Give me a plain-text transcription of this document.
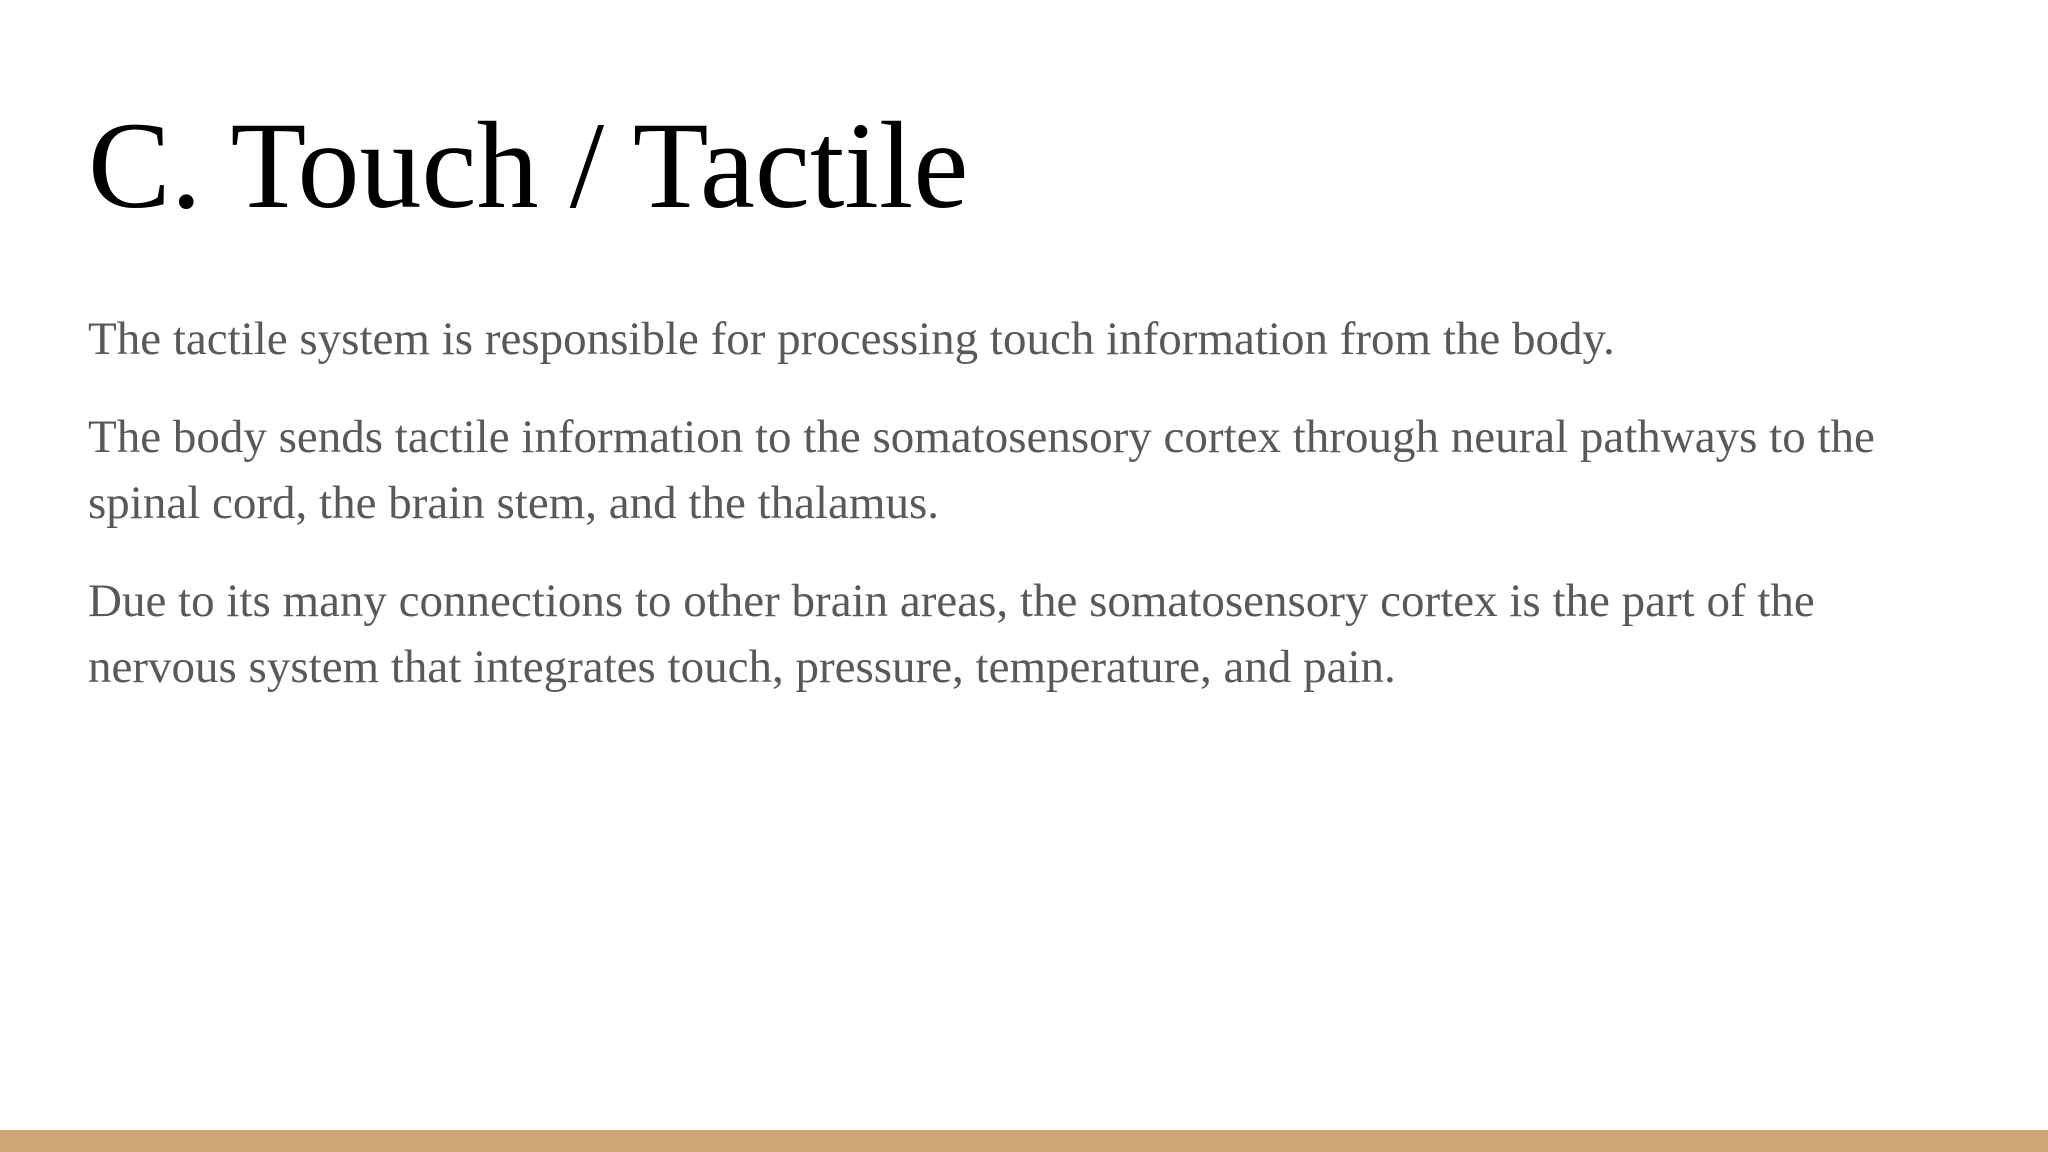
C. Touch / Tactile

The tactile system is responsible for processing touch information from the body.

The body sends tactile information to the somatosensory cortex through neural pathways to the spinal cord, the brain stem, and the thalamus.

Due to its many connections to other brain areas, the somatosensory cortex is the part of the nervous system that integrates touch, pressure, temperature, and pain.
